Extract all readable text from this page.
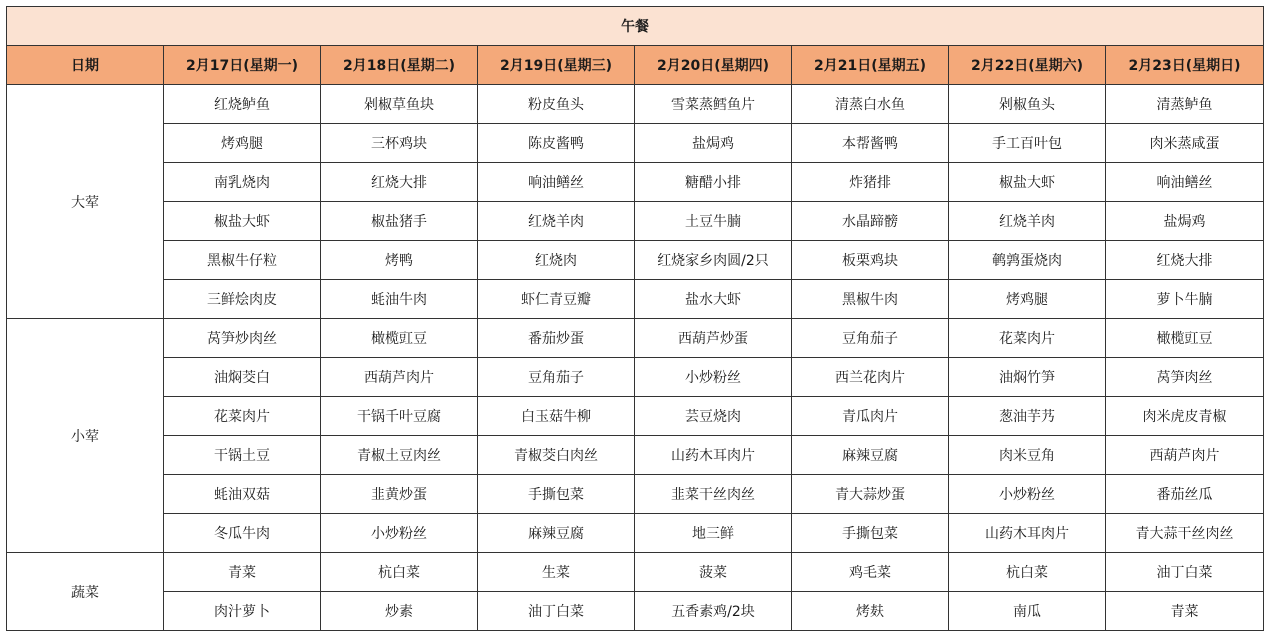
午餐							
日期	2月17日(星期一)	2月18日(星期二)	2月19日(星期三)	2月20日(星期四)	2月21日(星期五)	2月22日(星期六)	2月23日(星期日)
大荤	红烧鲈鱼	剁椒草鱼块	粉皮鱼头	雪菜蒸鳕鱼片	清蒸白水鱼	剁椒鱼头	清蒸鲈鱼
	烤鸡腿	三杯鸡块	陈皮酱鸭	盐焗鸡	本帮酱鸭	手工百叶包	肉米蒸咸蛋
	南乳烧肉	红烧大排	响油鳝丝	糖醋小排	炸猪排	椒盐大虾	响油鳝丝
	椒盐大虾	椒盐猪手	红烧羊肉	土豆牛腩	水晶蹄髈	红烧羊肉	盐焗鸡
	黑椒牛仔粒	烤鸭	红烧肉	红烧家乡肉圆/2只	板栗鸡块	鹌鹑蛋烧肉	红烧大排
	三鲜烩肉皮	蚝油牛肉	虾仁青豆瓣	盐水大虾	黑椒牛肉	烤鸡腿	萝卜牛腩
小荤	莴笋炒肉丝	橄榄豇豆	番茄炒蛋	西葫芦炒蛋	豆角茄子	花菜肉片	橄榄豇豆
	油焖茭白	西葫芦肉片	豆角茄子	小炒粉丝	西兰花肉片	油焖竹笋	莴笋肉丝
	花菜肉片	干锅千叶豆腐	白玉菇牛柳	芸豆烧肉	青瓜肉片	葱油芋艿	肉米虎皮青椒
	干锅土豆	青椒土豆肉丝	青椒茭白肉丝	山药木耳肉片	麻辣豆腐	肉米豆角	西葫芦肉片
	蚝油双菇	韭黄炒蛋	手撕包菜	韭菜干丝肉丝	青大蒜炒蛋	小炒粉丝	番茄丝瓜
	冬瓜牛肉	小炒粉丝	麻辣豆腐	地三鲜	手撕包菜	山药木耳肉片	青大蒜干丝肉丝
蔬菜	青菜	杭白菜	生菜	菠菜	鸡毛菜	杭白菜	油丁白菜
	肉汁萝卜	炒素	油丁白菜	五香素鸡/2块	烤麸	南瓜	青菜
